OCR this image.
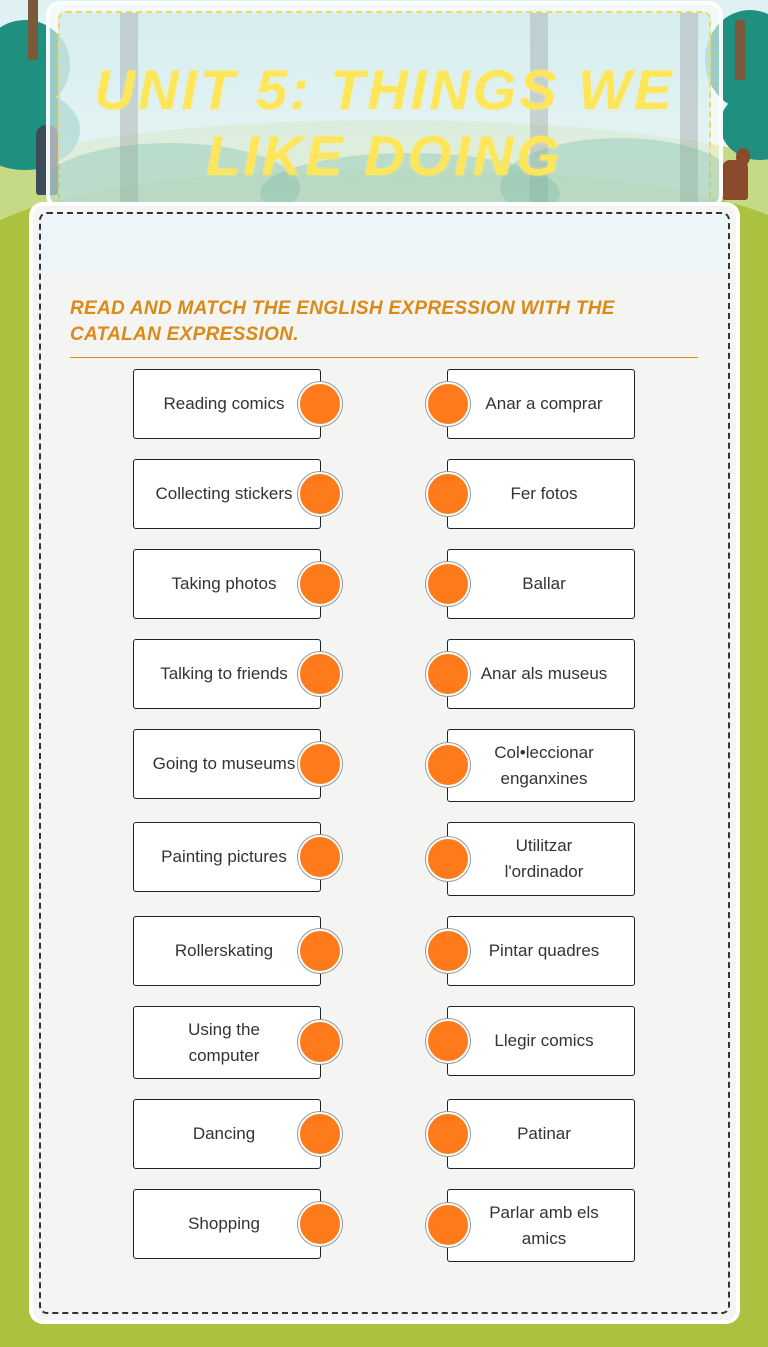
UNIT 5: THINGS WE LIKE DOING
READ AND MATCH THE ENGLISH EXPRESSION WITH THE CATALAN EXPRESSION.
Reading comics
Collecting stickers
Taking photos
Talking to friends
Going to museums
Painting pictures
Rollerskating
Using the computer
Dancing
Shopping
Anar a comprar
Fer fotos
Ballar
Anar als museus
Col•leccionar enganxines
Utilitzar l'ordinador
Pintar quadres
Llegir comics
Patinar
Parlar amb els amics
